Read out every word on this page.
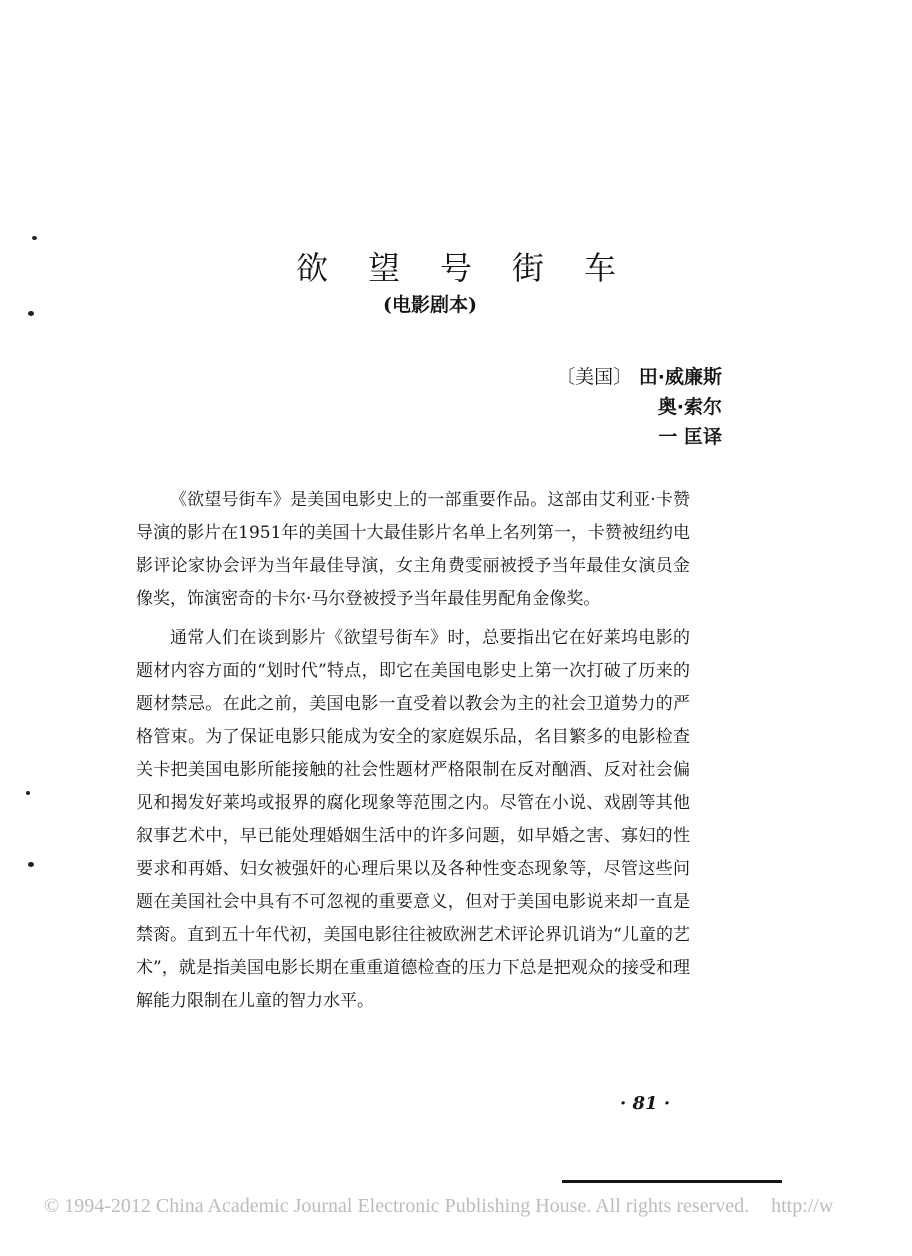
欲望号街车
(电影剧本)
〔美国〕 田·威廉斯
奥·索尔
一 匡译

《欲望号街车》是美国电影史上的一部重要作品。这部由艾利亚·卡赞导演的影片在1951年的美国十大最佳影片名单上名列第一，卡赞被纽约电影评论家协会评为当年最佳导演，女主角费雯丽被授予当年最佳女演员金像奖，饰演密奇的卡尔·马尔登被授予当年最佳男配角金像奖。

通常人们在谈到影片《欲望号街车》时，总要指出它在好莱坞电影的题材内容方面的“划时代”特点，即它在美国电影史上第一次打破了历来的题材禁忌。在此之前，美国电影一直受着以教会为主的社会卫道势力的严格管束。为了保证电影只能成为安全的家庭娱乐品，名目繁多的电影检查关卡把美国电影所能接触的社会性题材严格限制在反对酗酒、反对社会偏见和揭发好莱坞或报界的腐化现象等范围之内。尽管在小说、戏剧等其他叙事艺术中，早已能处理婚姻生活中的许多问题，如早婚之害、寡妇的性要求和再婚、妇女被强奸的心理后果以及各种性变态现象等，尽管这些问题在美国社会中具有不可忽视的重要意义，但对于美国电影说来却一直是禁脔。直到五十年代初，美国电影往往被欧洲艺术评论界讥诮为“儿童的艺术”，就是指美国电影长期在重重道德检查的压力下总是把观众的接受和理解能力限制在儿童的智力水平。

· 81 ·
© 1994-2012 China Academic Journal Electronic Publishing House. All rights reserved. http://w
